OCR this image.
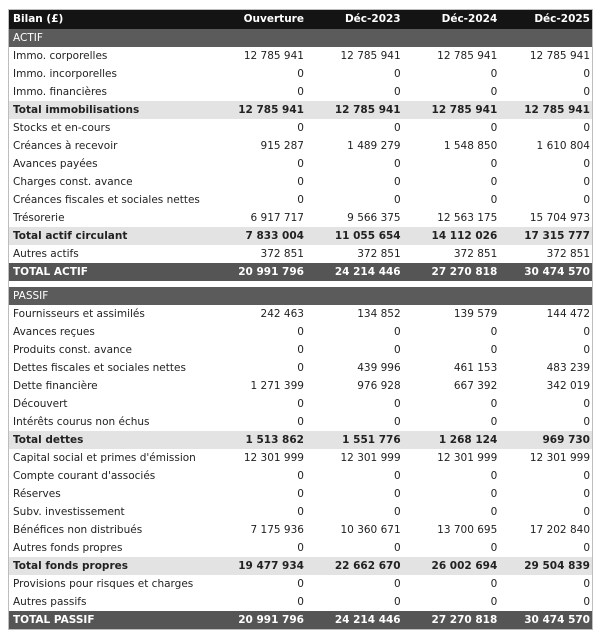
Bilan (£)	Ouverture	Déc-2023	Déc-2024	Déc-2025
ACTIF
Immo. corporelles	12 785 941	12 785 941	12 785 941	12 785 941
Immo. incorporelles	0	0	0	0
Immo. financières	0	0	0	0
Total immobilisations	12 785 941	12 785 941	12 785 941	12 785 941
Stocks et en-cours	0	0	0	0
Créances à recevoir	915 287	1 489 279	1 548 850	1 610 804
Avances payées	0	0	0	0
Charges const. avance	0	0	0	0
Créances fiscales et sociales nettes	0	0	0	0
Trésorerie	6 917 717	9 566 375	12 563 175	15 704 973
Total actif circulant	7 833 004	11 055 654	14 112 026	17 315 777
Autres actifs	372 851	372 851	372 851	372 851
TOTAL ACTIF	20 991 796	24 214 446	27 270 818	30 474 570
PASSIF
Fournisseurs et assimilés	242 463	134 852	139 579	144 472
Avances reçues	0	0	0	0
Produits const. avance	0	0	0	0
Dettes fiscales et sociales nettes	0	439 996	461 153	483 239
Dette financière	1 271 399	976 928	667 392	342 019
Découvert	0	0	0	0
Intérêts courus non échus	0	0	0	0
Total dettes	1 513 862	1 551 776	1 268 124	969 730
Capital social et primes d'émission	12 301 999	12 301 999	12 301 999	12 301 999
Compte courant d'associés	0	0	0	0
Réserves	0	0	0	0
Subv. investissement	0	0	0	0
Bénéfices non distribués	7 175 936	10 360 671	13 700 695	17 202 840
Autres fonds propres	0	0	0	0
Total fonds propres	19 477 934	22 662 670	26 002 694	29 504 839
Provisions pour risques et charges	0	0	0	0
Autres passifs	0	0	0	0
TOTAL PASSIF	20 991 796	24 214 446	27 270 818	30 474 570
